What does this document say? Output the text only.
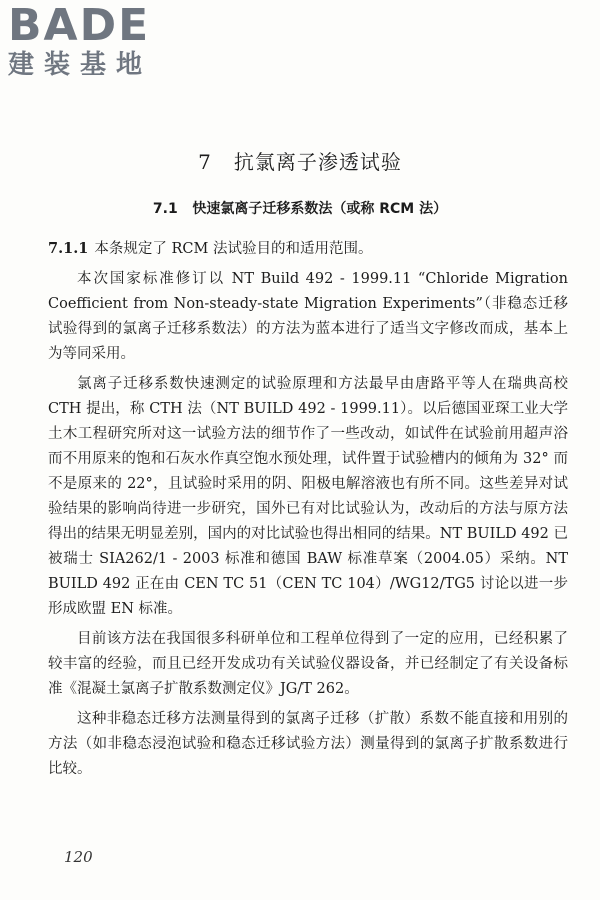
BADE
建装基地
7 抗氯离子渗透试验
7.1 快速氯离子迁移系数法（或称 RCM 法）

7.1.1 本条规定了 RCM 法试验目的和适用范围。

本次国家标准修订以 NT Build 492 - 1999.11 “Chloride Migration Coefficient from Non-steady-state Migration Experiments”（非稳态迁移试验得到的氯离子迁移系数法）的方法为蓝本进行了适当文字修改而成，基本上为等同采用。

氯离子迁移系数快速测定的试验原理和方法最早由唐路平等人在瑞典高校 CTH 提出，称 CTH 法（NT BUILD 492 - 1999.11）。以后德国亚琛工业大学土木工程研究所对这一试验方法的细节作了一些改动，如试件在试验前用超声浴而不用原来的饱和石灰水作真空饱水预处理，试件置于试验槽内的倾角为 32° 而不是原来的 22°，且试验时采用的阴、阳极电解溶液也有所不同。这些差异对试验结果的影响尚待进一步研究，国外已有对比试验认为，改动后的方法与原方法得出的结果无明显差别，国内的对比试验也得出相同的结果。NT BUILD 492 已被瑞士 SIA262/1 - 2003 标准和德国 BAW 标准草案（2004.05）采纳。NT BUILD 492 正在由 CEN TC 51（CEN TC 104）/WG12/TG5 讨论以进一步形成欧盟 EN 标准。

目前该方法在我国很多科研单位和工程单位得到了一定的应用，已经积累了较丰富的经验，而且已经开发成功有关试验仪器设备，并已经制定了有关设备标准《混凝土氯离子扩散系数测定仪》JG/T 262。

这种非稳态迁移方法测量得到的氯离子迁移（扩散）系数不能直接和用别的方法（如非稳态浸泡试验和稳态迁移试验方法）测量得到的氯离子扩散系数进行比较。

120
